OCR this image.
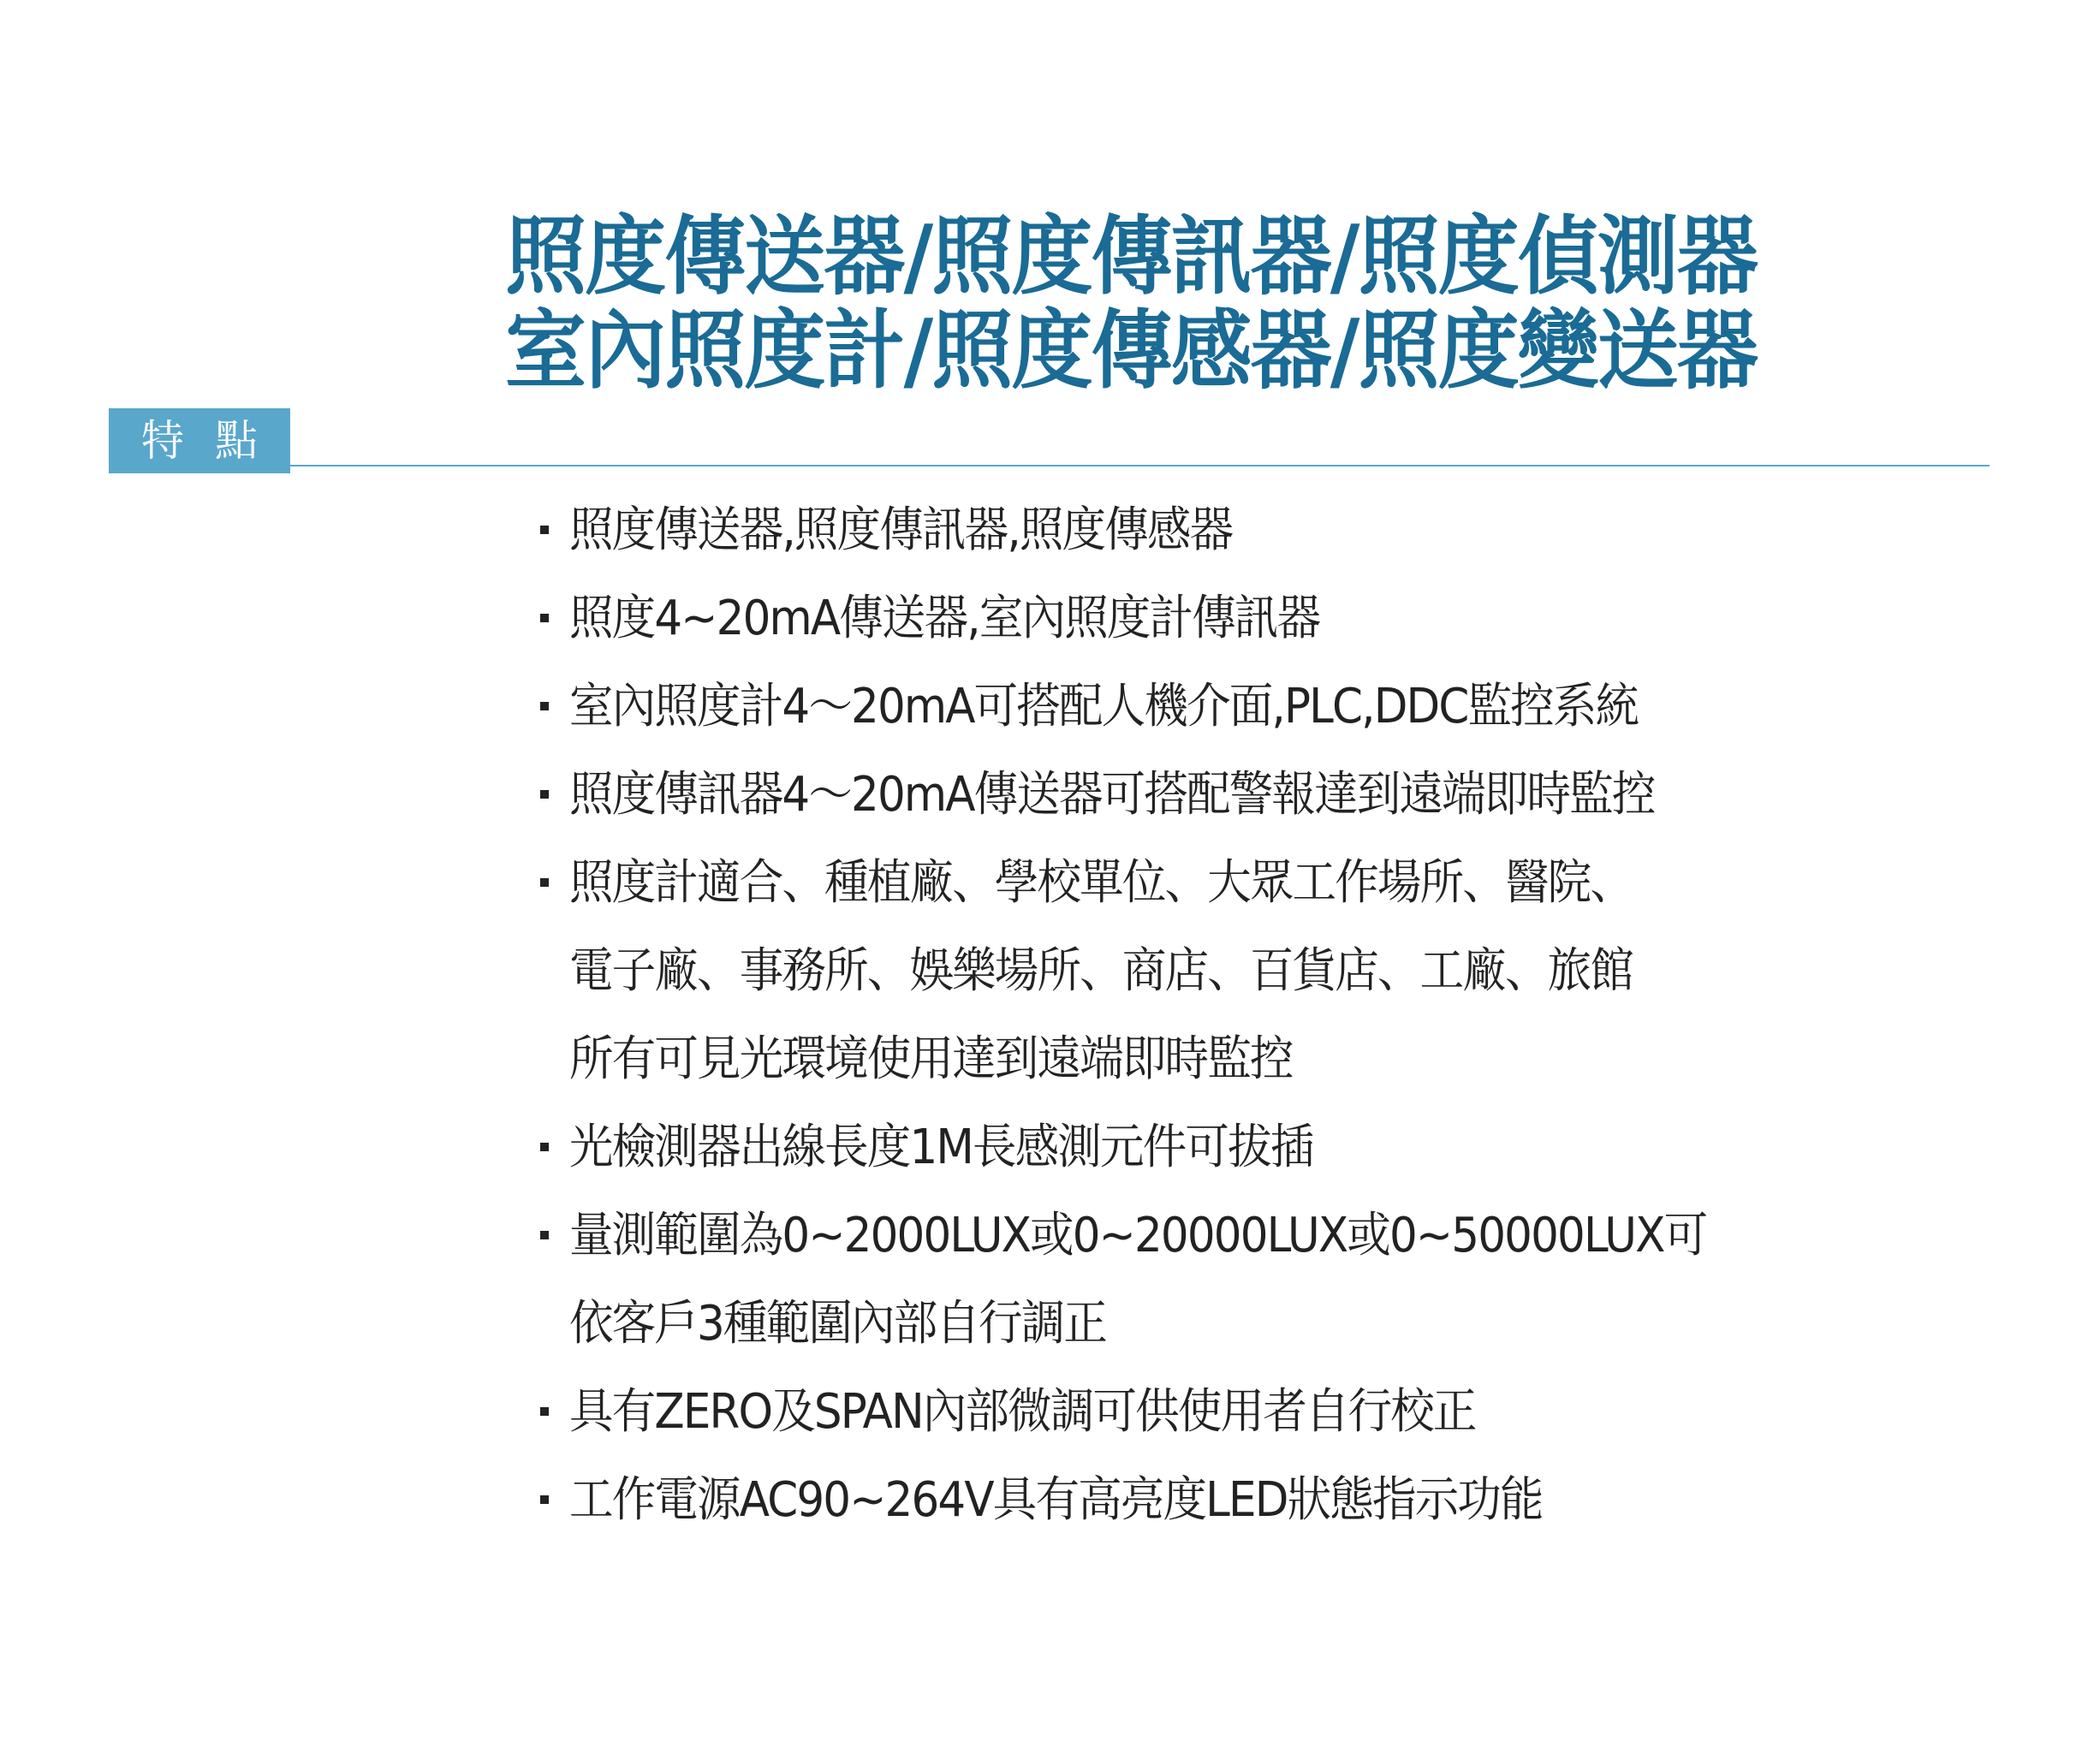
照度傳送器/照度傳訊器/照度偵測器
室內照度計/照度傳感器/照度變送器
特點
照度傳送器,照度傳訊器,照度傳感器
照度4~20mA傳送器,室內照度計傳訊器
室內照度計4～20mA可搭配人機介面,PLC,DDC監控系統
照度傳訊器4～20mA傳送器可搭配警報達到遠端即時監控
照度計適合、種植廠、學校單位、大眾工作場所、醫院、
電子廠、事務所、娛樂場所、商店、百貨店、工廠、旅館
所有可見光環境使用達到遠端即時監控
光檢測器出線長度1M長感測元件可拔插
量測範圍為0~2000LUX或0~20000LUX或0~50000LUX可
依客戶3種範圍內部自行調正
具有ZERO及SPAN內部微調可供使用者自行校正
工作電源AC90~264V具有高亮度LED狀態指示功能
